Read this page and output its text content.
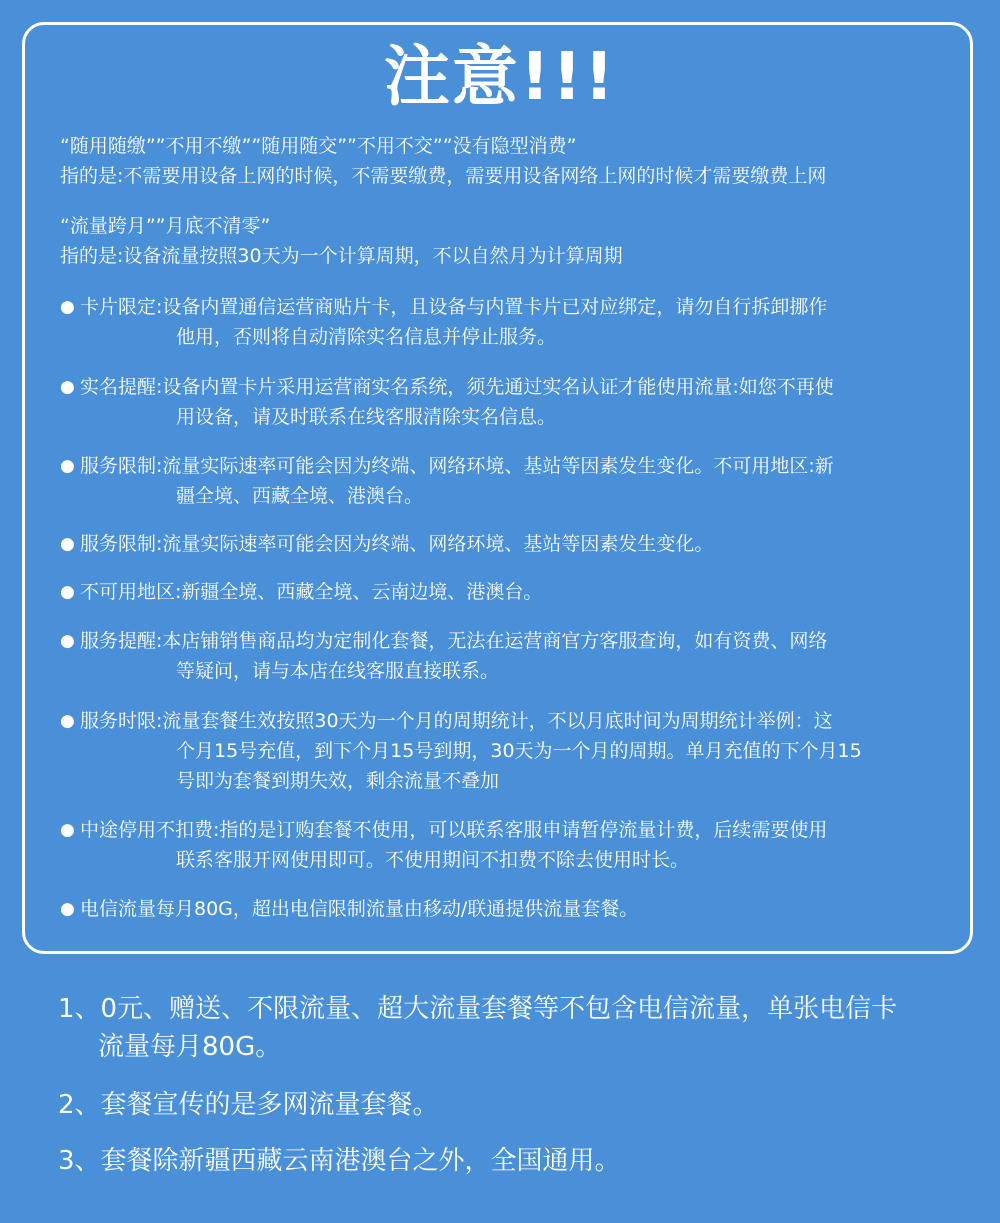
注意!!!
“随用随缴””不用不缴””随用随交””不用不交””没有隐型消费”
指的是:不需要用设备上网的时候，不需要缴费，需要用设备网络上网的时候才需要缴费上网
“流量跨月””月底不清零”
指的是:设备流量按照30天为一个计算周期，不以自然月为计算周期
● 卡片限定: 设备内置通信运营商贴片卡，且设备与内置卡片已对应绑定，请勿自行拆卸挪作
他用，否则将自动清除实名信息并停止服务。
● 实名提醒: 设备内置卡片采用运营商实名系统，须先通过实名认证才能使用流量:如您不再使
用设备，请及时联系在线客服清除实名信息。
● 服务限制: 流量实际速率可能会因为终端、网络环境、基站等因素发生变化。不可用地区:新
疆全境、西藏全境、港澳台。
● 服务限制: 流量实际速率可能会因为终端、网络环境、基站等因素发生变化。
● 不可用地区: 新疆全境、西藏全境、云南边境、港澳台。
● 服务提醒: 本店铺销售商品均为定制化套餐，无法在运营商官方客服查询，如有资费、网络
等疑问，请与本店在线客服直接联系。
● 服务时限: 流量套餐生效按照30天为一个月的周期统计，不以月底时间为周期统计举例：这
个月15号充值，到下个月15号到期，30天为一个月的周期。单月充值的下个月15
号即为套餐到期失效，剩余流量不叠加
● 中途停用不扣费: 指的是订购套餐不使用，可以联系客服申请暂停流量计费，后续需要使用
联系客服开网使用即可。不使用期间不扣费不除去使用时长。
● 电信流量每月80G， 超出电信限制流量由移动/联通提供流量套餐。
1、0元、赠送、不限流量、超大流量套餐等不包含电信流量，单张电信卡
流量每月80G。
2、套餐宣传的是多网流量套餐。
3、套餐除新疆西藏云南港澳台之外，全国通用。
